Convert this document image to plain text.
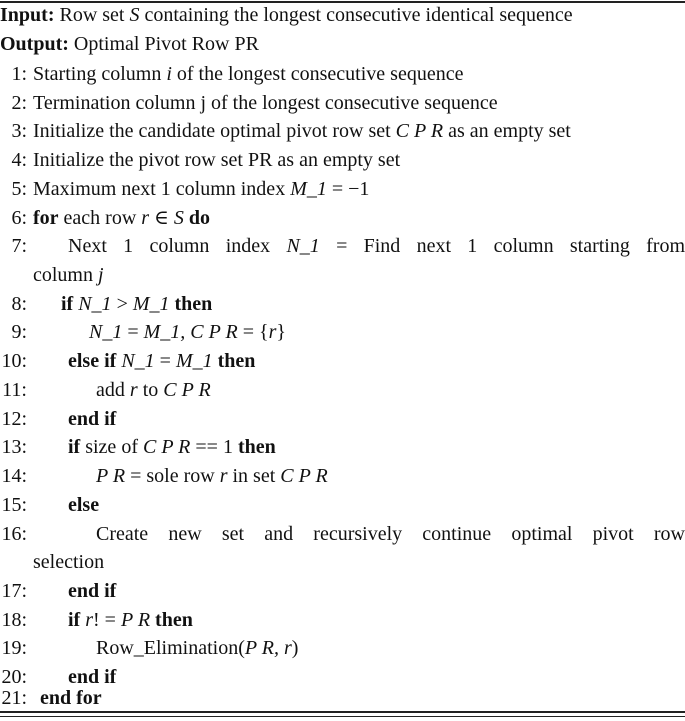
Input: Row set S containing the longest consecutive identical sequence
Output: Optimal Pivot Row PR
1: Starting column i of the longest consecutive sequence
2: Termination column j of the longest consecutive sequence
3: Initialize the candidate optimal pivot row set C P R as an empty set
4: Initialize the pivot row set PR as an empty set
5: Maximum next 1 column index M_1 = −1
6: for each row r ∈ S do
7: Next 1 column index N_1 = Find next 1 column starting from
column j
8: if N_1 > M_1 then
9:	N_1 = M_1, C P R = {r}
10: else if N_1 = M_1 then
11:	add r to C P R
12: end if
13: if size of C P R == 1 then
14:	P R = sole row r in set C P R
15: else
16:	Create new set and recursively continue optimal pivot row
selection
17: end if
18: if r! = P R then
19:	Row_Elimination(P R, r)
20: end if
21: end for
